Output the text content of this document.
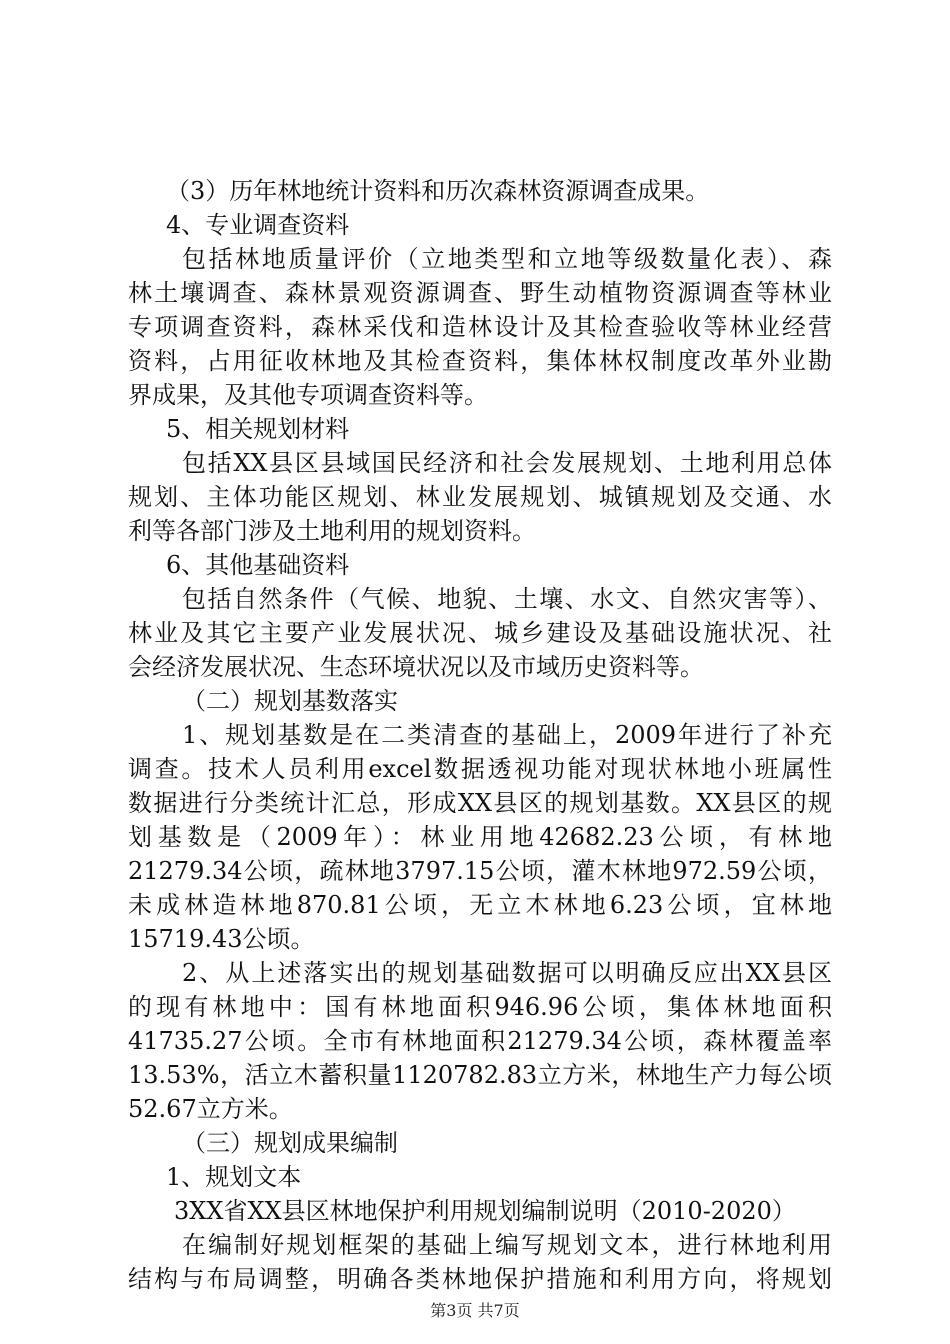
（3）历年林地统计资料和历次森林资源调查成果。
4、专业调查资料
包括林地质量评价（立地类型和立地等级数量化表）、森
林土壤调查、森林景观资源调查、野生动植物资源调查等林业
专项调查资料，森林采伐和造林设计及其检查验收等林业经营
资料，占用征收林地及其检查资料，集体林权制度改革外业勘
界成果，及其他专项调查资料等。
5、相关规划材料
包括XX县区县域国民经济和社会发展规划、土地利用总体
规划、主体功能区规划、林业发展规划、城镇规划及交通、水
利等各部门涉及土地利用的规划资料。
6、其他基础资料
包括自然条件（气候、地貌、土壤、水文、自然灾害等）、
林业及其它主要产业发展状况、城乡建设及基础设施状况、社
会经济发展状况、生态环境状况以及市域历史资料等。
（二）规划基数落实
1、规划基数是在二类清查的基础上，2009年进行了补充
调查。技术人员利用excel数据透视功能对现状林地小班属性
数据进行分类统计汇总，形成XX县区的规划基数。XX县区的规
划基数是（2009年）：林业用地42682.23公顷，有林地
21279.34公顷，疏林地3797.15公顷，灌木林地972.59公顷，
未成林造林地870.81公顷，无立木林地6.23公顷，宜林地
15719.43公顷。
2、从上述落实出的规划基础数据可以明确反应出XX县区
的现有林地中：国有林地面积946.96公顷，集体林地面积
41735.27公顷。全市有林地面积21279.34公顷，森林覆盖率
13.53%，活立木蓄积量1120782.83立方米，林地生产力每公顷
52.67立方米。
（三）规划成果编制
1、规划文本
3XX省XX县区林地保护利用规划编制说明（2010-2020）
在编制好规划框架的基础上编写规划文本，进行林地利用
结构与布局调整，明确各类林地保护措施和利用方向，将规划
第3页 共7页
